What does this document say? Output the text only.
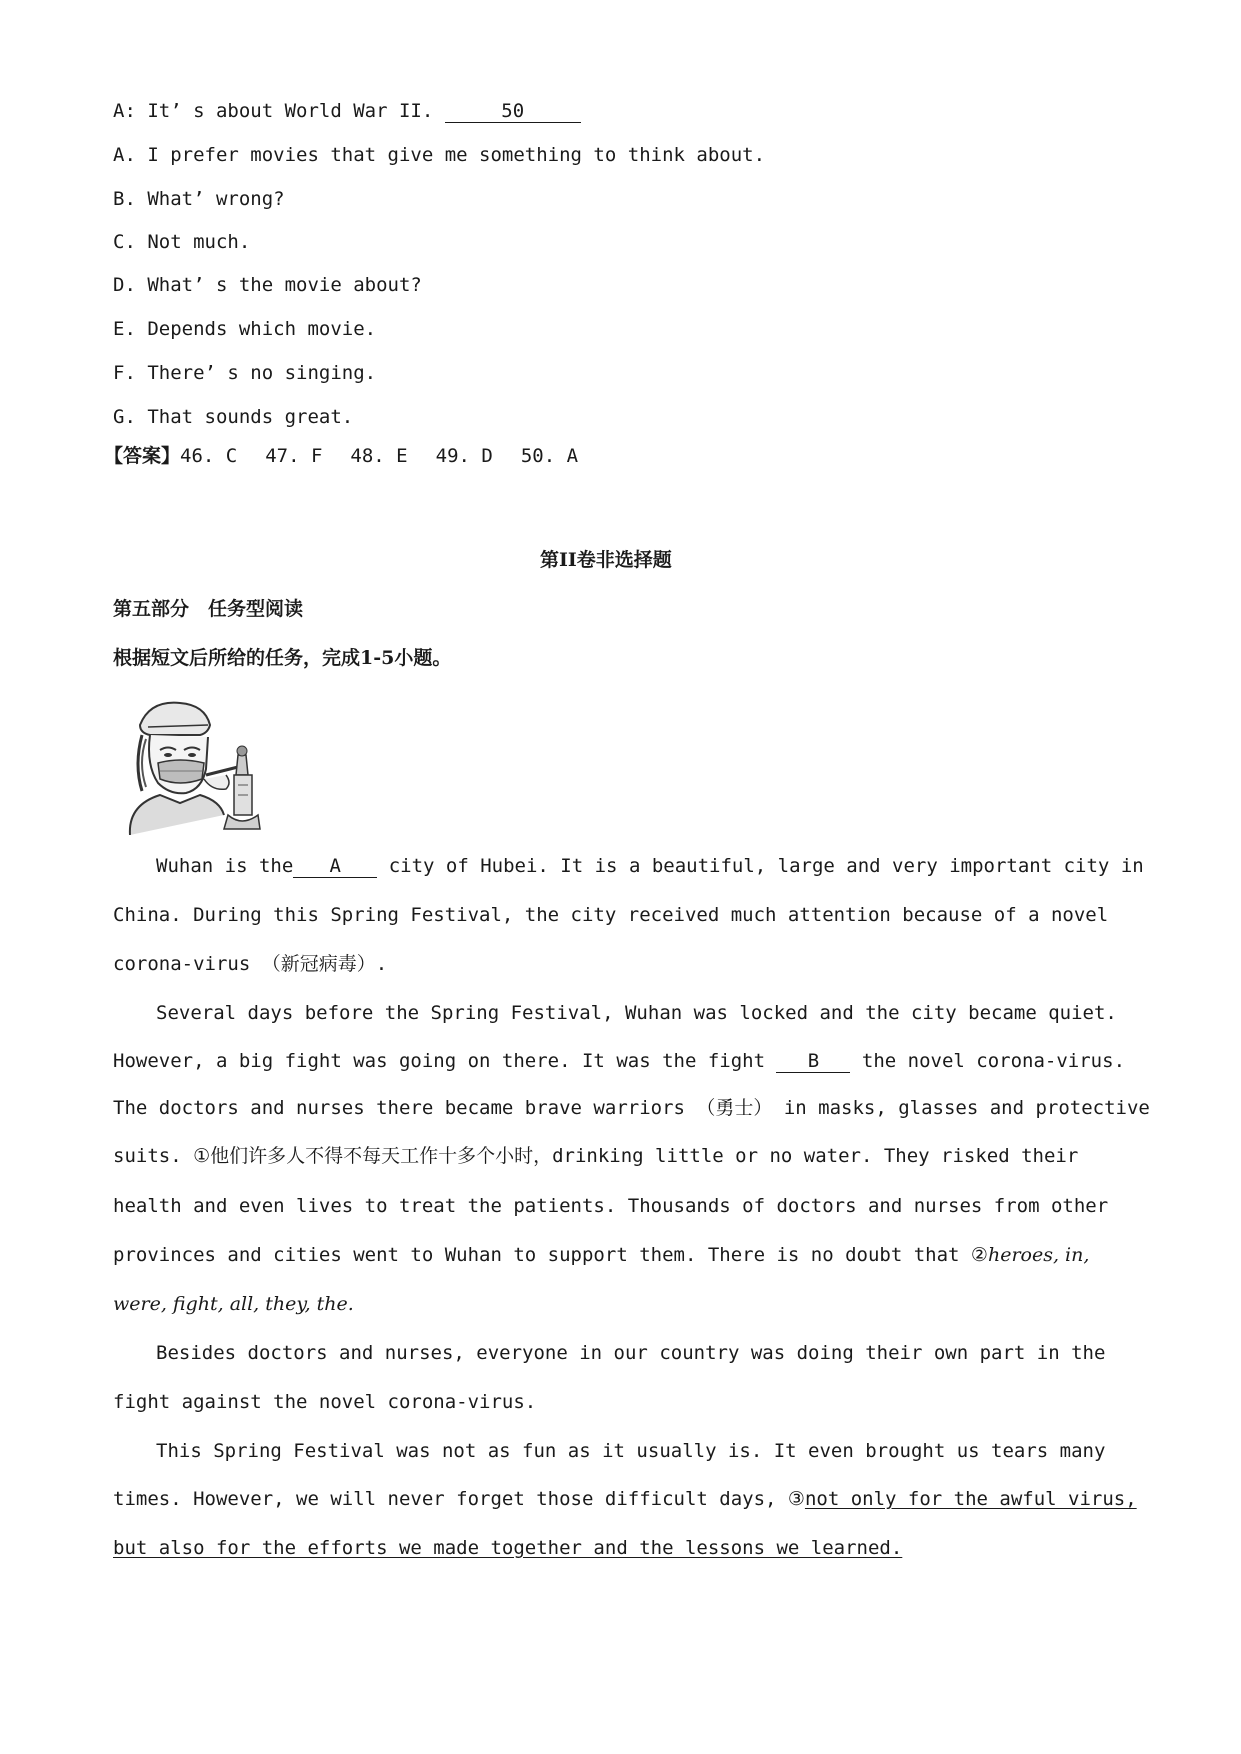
A: It’ s about World War II.	50
A. I prefer movies that give me something to think about.
B. What’ wrong?
C. Not much.
D. What’ s the movie about?
E. Depends which movie.
F. There’ s no singing.
G. That sounds great.
【答案】46. C 47. F 48. E 49. D 50. A
第II卷非选择题
第五部分　任务型阅读
根据短文后所给的任务，完成1-5小题。
Wuhan is the A city of Hubei. It is a beautiful, large and very important city in
China. During this Spring Festival, the city received much attention because of a novel
corona-virus （新冠病毒）.
Several days before the Spring Festival, Wuhan was locked and the city became quiet.
However, a big fight was going on there. It was the fight B the novel corona-virus.
The doctors and nurses there became brave warriors （勇士） in masks, glasses and protective
suits. ①他们许多人不得不每天工作十多个小时，drinking little or no water. They risked their
health and even lives to treat the patients. Thousands of doctors and nurses from other
provinces and cities went to Wuhan to support them. There is no doubt that ②heroes, in,
were, fight, all, they, the.
Besides doctors and nurses, everyone in our country was doing their own part in the
fight against the novel corona-virus.
This Spring Festival was not as fun as it usually is. It even brought us tears many
times. However, we will never forget those difficult days, ③not only for the awful virus,
but also for the efforts we made together and the lessons we learned.
